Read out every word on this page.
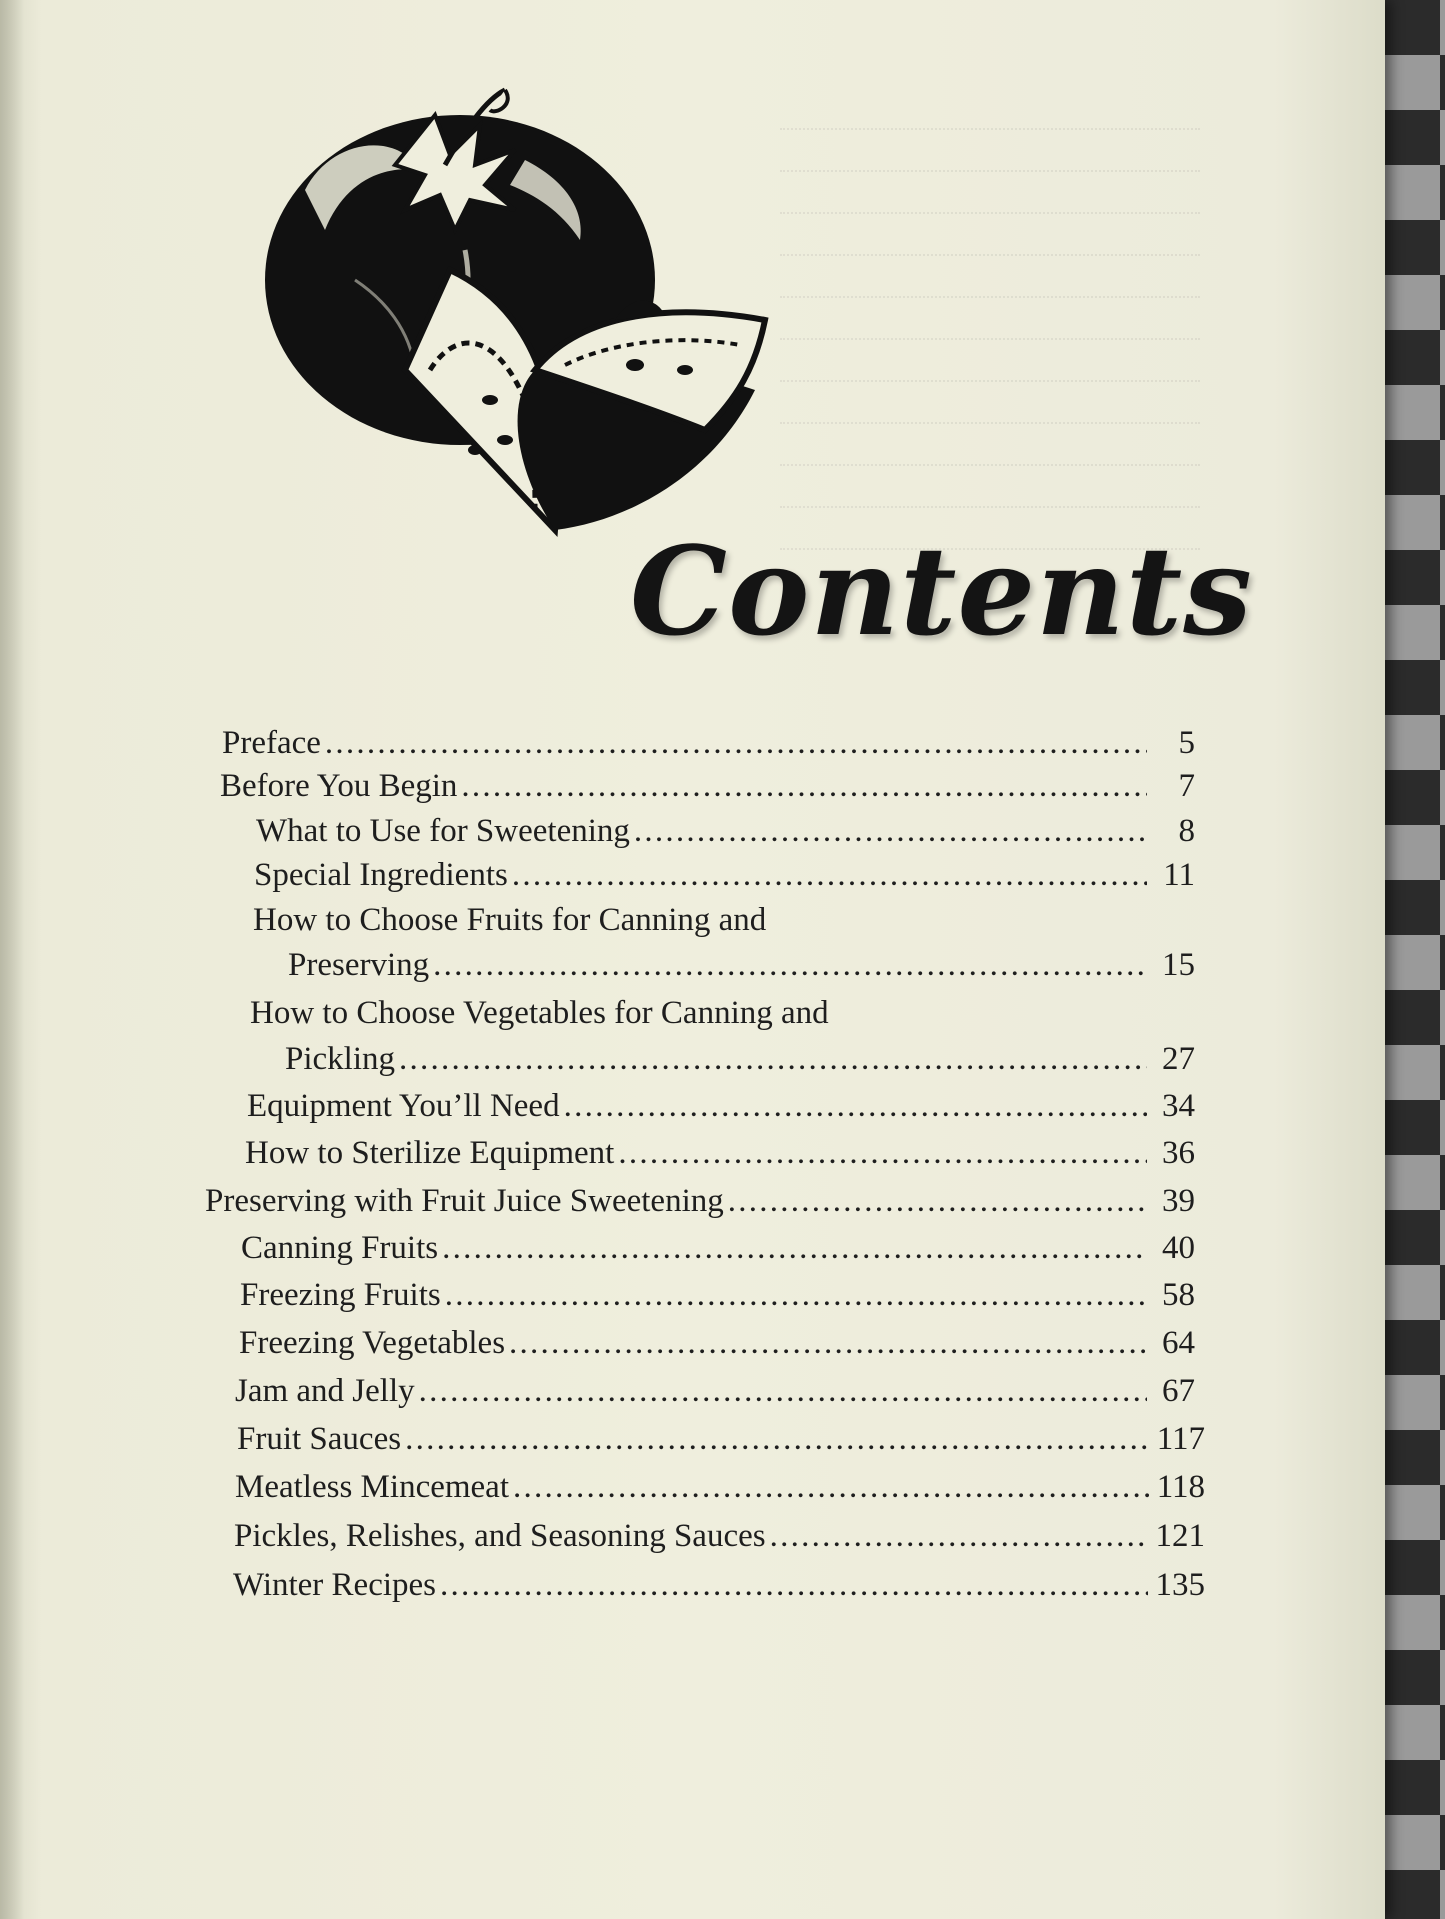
Contents
Preface . . .	5
Before You Begin . . .	7
What to Use for Sweetening . . .	8
Special Ingredients . . .	11
How to Choose Fruits for Canning and
Preserving . . .	15
How to Choose Vegetables for Canning and
Pickling . . .	27
Equipment You’ll Need . . .	34
How to Sterilize Equipment . . .	36
Preserving with Fruit Juice Sweetening . . .	39
Canning Fruits . . .	40
Freezing Fruits . . .	58
Freezing Vegetables . . .	64
Jam and Jelly . . .	67
Fruit Sauces . . .	117
Meatless Mincemeat . . .	118
Pickles, Relishes, and Seasoning Sauces . . .	121
Winter Recipes . . .	135
